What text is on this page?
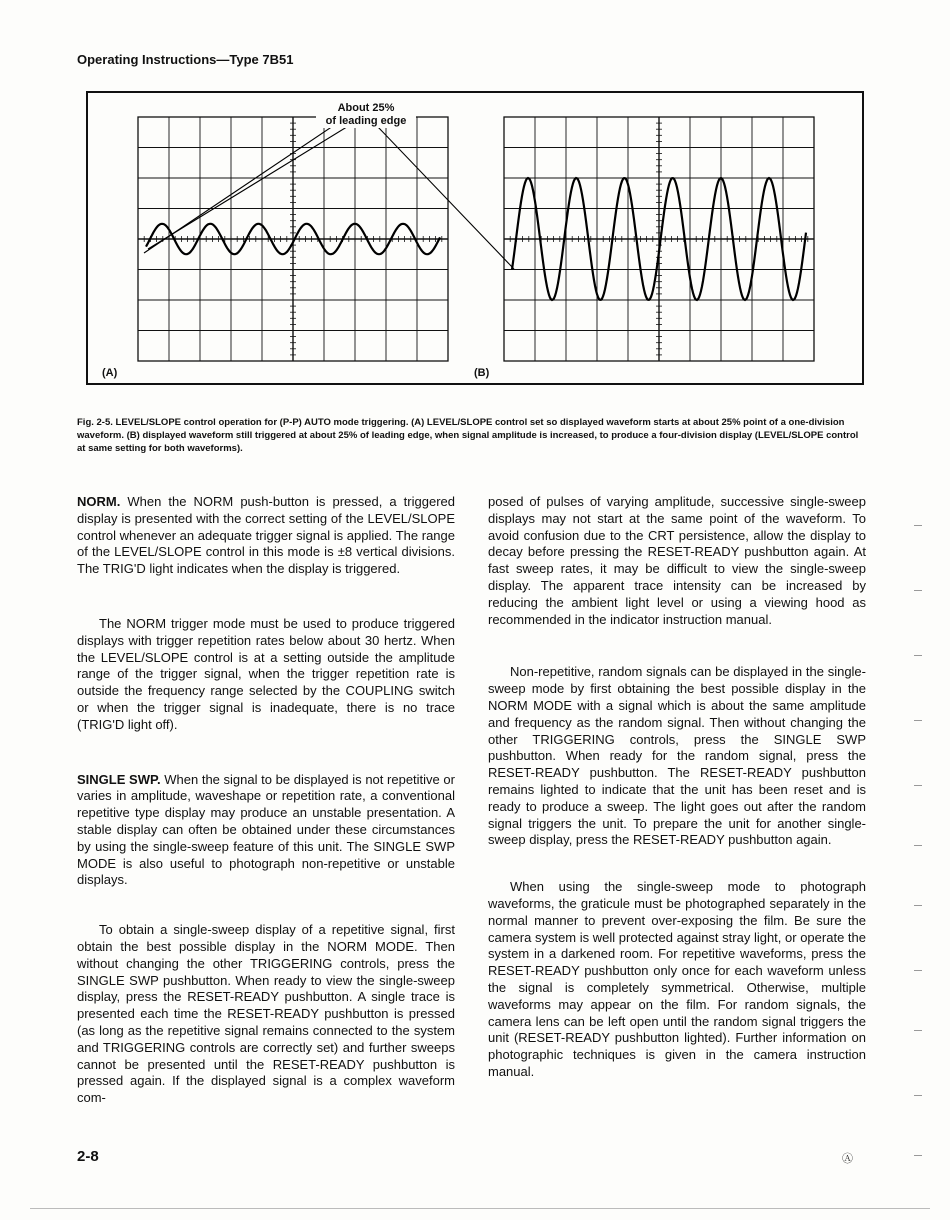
Operating Instructions—Type 7B51
About 25%
of leading edge
(A)	(B)
Fig. 2-5. LEVEL/SLOPE control operation for (P-P) AUTO mode triggering. (A) LEVEL/SLOPE control set so displayed waveform starts at about 25% point of a one-division waveform. (B) displayed waveform still triggered at about 25% of leading edge, when signal amplitude is increased, to produce a four-division display (LEVEL/SLOPE control at same setting for both waveforms).

NORM. When the NORM push-button is pressed, a triggered display is presented with the correct setting of the LEVEL/SLOPE control whenever an adequate trigger signal is applied. The range of the LEVEL/SLOPE control in this mode is ±8 vertical divisions. The TRIG'D light indicates when the display is triggered.

The NORM trigger mode must be used to produce triggered displays with trigger repetition rates below about 30 hertz. When the LEVEL/SLOPE control is at a setting outside the amplitude range of the trigger signal, when the trigger repetition rate is outside the frequency range selected by the COUPLING switch or when the trigger signal is inadequate, there is no trace (TRIG'D light off).

SINGLE SWP. When the signal to be displayed is not repetitive or varies in amplitude, waveshape or repetition rate, a conventional repetitive type display may produce an unstable presentation. A stable display can often be obtained under these circumstances by using the single-sweep feature of this unit. The SINGLE SWP MODE is also useful to photograph non-repetitive or unstable displays.

To obtain a single-sweep display of a repetitive signal, first obtain the best possible display in the NORM MODE. Then without changing the other TRIGGERING controls, press the SINGLE SWP pushbutton. When ready to view the single-sweep display, press the RESET-READY pushbutton. A single trace is presented each time the RESET-READY pushbutton is pressed (as long as the repetitive signal remains connected to the system and TRIGGERING controls are correctly set) and further sweeps cannot be presented until the RESET-READY pushbutton is pressed again. If the displayed signal is a complex waveform com-

posed of pulses of varying amplitude, successive single-sweep displays may not start at the same point of the waveform. To avoid confusion due to the CRT persistence, allow the display to decay before pressing the RESET-READY pushbutton again. At fast sweep rates, it may be difficult to view the single-sweep display. The apparent trace intensity can be increased by reducing the ambient light level or using a viewing hood as recommended in the indicator instruction manual.

Non-repetitive, random signals can be displayed in the single-sweep mode by first obtaining the best possible display in the NORM MODE with a signal which is about the same amplitude and frequency as the random signal. Then without changing the other TRIGGERING controls, press the SINGLE SWP pushbutton. When ready for the random signal, press the RESET-READY pushbutton. The RESET-READY pushbutton remains lighted to indicate that the unit has been reset and is ready to produce a sweep. The light goes out after the random signal triggers the unit. To prepare the unit for another single-sweep display, press the RESET-READY pushbutton again.

When using the single-sweep mode to photograph waveforms, the graticule must be photographed separately in the normal manner to prevent over-exposing the film. Be sure the camera system is well protected against stray light, or operate the system in a darkened room. For repetitive waveforms, press the RESET-READY pushbutton only once for each waveform unless the signal is completely symmetrical. Otherwise, multiple waveforms may appear on the film. For random signals, the camera lens can be left open until the random signal triggers the unit (RESET-READY pushbutton lighted). Further information on photographic techniques is given in the camera instruction manual.

2-8	Ⓐ
